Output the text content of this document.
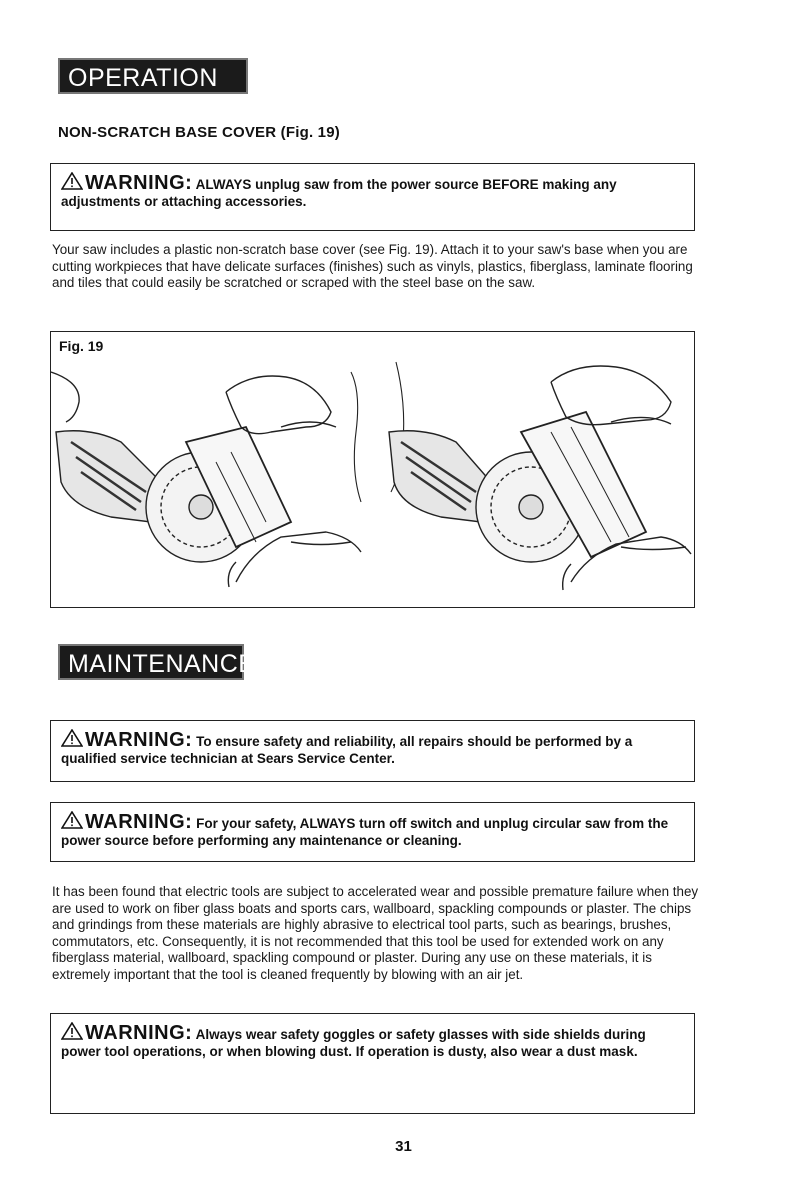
OPERATION cont.
NON-SCRATCH BASE COVER (Fig. 19)
WARNING: ALWAYS unplug saw from the power source BEFORE making any adjustments or attaching accessories.
Your saw includes a plastic non-scratch base cover (see Fig. 19). Attach it to your saw's base when you are cutting workpieces that have delicate surfaces (finishes) such as vinyls, plastics, fiberglass, laminate flooring and tiles that could easily be scratched or scraped with the steel base on the saw.
Fig. 19
MAINTENANCE
WARNING: To ensure safety and reliability, all repairs should be performed by a qualified service technician at Sears Service Center.
WARNING: For your safety, ALWAYS turn off switch and unplug circular saw from the power source before performing any maintenance or cleaning.
It has been found that electric tools are subject to accelerated wear and possible premature failure when they are used to work on fiber glass boats and sports cars, wallboard, spackling compounds or plaster. The chips and grindings from these materials are highly abrasive to electrical tool parts, such as bearings, brushes, commutators, etc. Consequently, it is not recommended that this tool be used for extended work on any fiberglass material, wallboard, spackling compound or plaster. During any use on these materials, it is extremely important that the tool is cleaned frequently by blowing with an air jet.
WARNING: Always wear safety goggles or safety glasses with side shields during power tool operations, or when blowing dust. If operation is dusty, also wear a dust mask.
31
